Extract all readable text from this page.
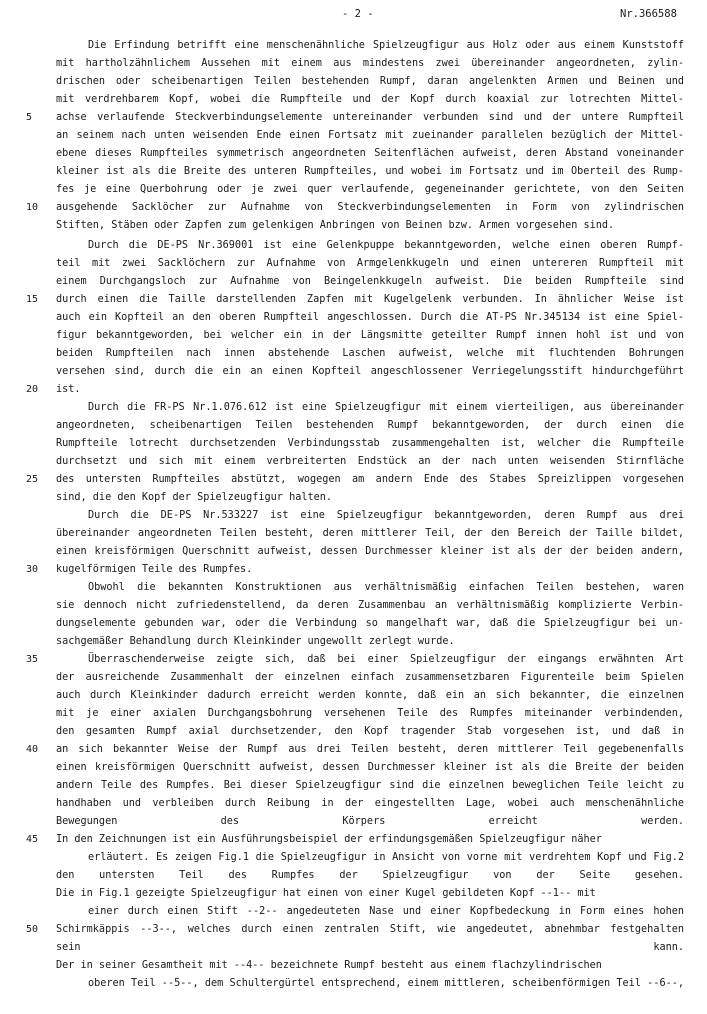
- 2 -	Nr.366588
Die Erfindung betrifft eine menschenähnliche Spielzeugfigur aus Holz oder aus einem Kunststoff
mit hartholzähnlichem Aussehen mit einem aus mindestens zwei übereinander angeordneten, zylin-
drischen oder scheibenartigen Teilen bestehenden Rumpf, daran angelenkten Armen und Beinen und
mit verdrehbarem Kopf, wobei die Rumpfteile und der Kopf durch koaxial zur lotrechten Mittel-
achse verlaufende Steckverbindungselemente untereinander verbunden sind und der untere Rumpfteil
an seinem nach unten weisenden Ende einen Fortsatz mit zueinander parallelen bezüglich der Mittel-
ebene dieses Rumpfteiles symmetrisch angeordneten Seitenflächen aufweist, deren Abstand voneinander
kleiner ist als die Breite des unteren Rumpfteiles, und wobei im Fortsatz und im Oberteil des Rump-
fes je eine Querbohrung oder je zwei quer verlaufende, gegeneinander gerichtete, von den Seiten
ausgehende Sacklöcher zur Aufnahme von Steckverbindungselementen in Form von zylindrischen
Stiften, Stäben oder Zapfen zum gelenkigen Anbringen von Beinen bzw. Armen vorgesehen sind.
Durch die DE-PS Nr.369001 ist eine Gelenkpuppe bekanntgeworden, welche einen oberen Rumpf-
teil mit zwei Sacklöchern zur Aufnahme von Armgelenkkugeln und einen untereren Rumpfteil mit
einem Durchgangsloch zur Aufnahme von Beingelenkkugeln aufweist. Die beiden Rumpfteile sind
durch einen die Taille darstellenden Zapfen mit Kugelgelenk verbunden. In ähnlicher Weise ist
auch ein Kopfteil an den oberen Rumpfteil angeschlossen. Durch die AT-PS Nr.345134 ist eine Spiel-
figur bekanntgeworden, bei welcher ein in der Längsmitte geteilter Rumpf innen hohl ist und von
beiden Rumpfteilen nach innen abstehende Laschen aufweist, welche mit fluchtenden Bohrungen
versehen sind, durch die ein an einen Kopfteil angeschlossener Verriegelungsstift hindurchgeführt
ist.
Durch die FR-PS Nr.1.076.612 ist eine Spielzeugfigur mit einem vierteiligen, aus übereinander
angeordneten, scheibenartigen Teilen bestehenden Rumpf bekanntgeworden, der durch einen die
Rumpfteile lotrecht durchsetzenden Verbindungsstab zusammengehalten ist, welcher die Rumpfteile
durchsetzt und sich mit einem verbreiterten Endstück an der nach unten weisenden Stirnfläche
des untersten Rumpfteiles abstützt, wogegen am andern Ende des Stabes Spreizlippen vorgesehen
sind, die den Kopf der Spielzeugfigur halten.
Durch die DE-PS Nr.533227 ist eine Spielzeugfigur bekanntgeworden, deren Rumpf aus drei
übereinander angeordneten Teilen besteht, deren mittlerer Teil, der den Bereich der Taille bildet,
einen kreisförmigen Querschnitt aufweist, dessen Durchmesser kleiner ist als der der beiden andern,
kugelförmigen Teile des Rumpfes.
Obwohl die bekannten Konstruktionen aus verhältnismäßig einfachen Teilen bestehen, waren
sie dennoch nicht zufriedenstellend, da deren Zusammenbau an verhältnismäßig komplizierte Verbin-
dungselemente gebunden war, oder die Verbindung so mangelhaft war, daß die Spielzeugfigur bei un-
sachgemäßer Behandlung durch Kleinkinder ungewollt zerlegt wurde.
Überraschenderweise zeigte sich, daß bei einer Spielzeugfigur der eingangs erwähnten Art
der ausreichende Zusammenhalt der einzelnen einfach zusammensetzbaren Figurenteile beim Spielen
auch durch Kleinkinder dadurch erreicht werden konnte, daß ein an sich bekannter, die einzelnen
mit je einer axialen Durchgangsbohrung versehenen Teile des Rumpfes miteinander verbindenden,
den gesamten Rumpf axial durchsetzender, den Kopf tragender Stab vorgesehen ist, und daß in
an sich bekannter Weise der Rumpf aus drei Teilen besteht, deren mittlerer Teil gegebenenfalls
einen kreisförmigen Querschnitt aufweist, dessen Durchmesser kleiner ist als die Breite der beiden
andern Teile des Rumpfes. Bei dieser Spielzeugfigur sind die einzelnen beweglichen Teile leicht zu
handhaben und verbleiben durch Reibung in der eingestellten Lage, wobei auch menschenähnliche
Bewegungen des Körpers erreicht werden.
In den Zeichnungen ist ein Ausführungsbeispiel der erfindungsgemäßen Spielzeugfigur näher
erläutert. Es zeigen Fig.1 die Spielzeugfigur in Ansicht von vorne mit verdrehtem Kopf und Fig.2
den untersten Teil des Rumpfes der Spielzeugfigur von der Seite gesehen.
Die in Fig.1 gezeigte Spielzeugfigur hat einen von einer Kugel gebildeten Kopf --1-- mit
einer durch einen Stift --2-- angedeuteten Nase und einer Kopfbedeckung in Form eines hohen
Schirmkäppis --3--, welches durch einen zentralen Stift, wie angedeutet, abnehmbar festgehalten
sein kann.
Der in seiner Gesamtheit mit --4-- bezeichnete Rumpf besteht aus einem flachzylindrischen
oberen Teil --5--, dem Schultergürtel entsprechend, einem mittleren, scheibenförmigen Teil --6--,
5
10
15
20
25
30
35
40
45
50
